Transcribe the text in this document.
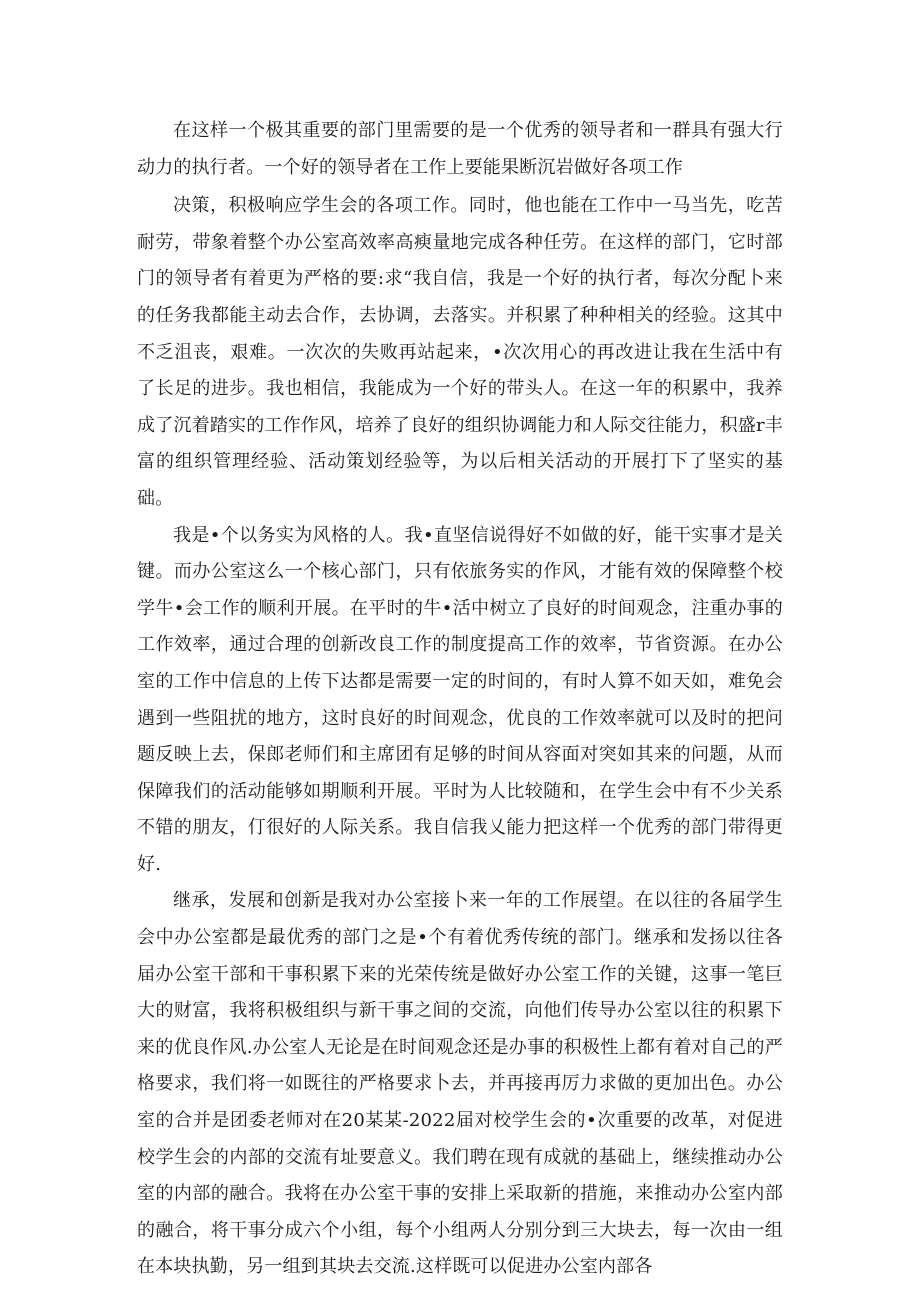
在这样一个极其重要的部门里需要的是一个优秀的领导者和一群具有强大行动力的执行者。一个好的领导者在工作上要能果断沉岩做好各项工作

决策，积极响应学生会的各项工作。同时，他也能在工作中一马当先，吃苦耐劳，带象着整个办公室高效率高瘐量地完成各种任劳。在这样的部门，它时部门的领导者有着更为严格的要:求“我自信，我是一个好的执行者，每次分配卜来的任务我都能主动去合作，去协调，去落实。并积累了种种相关的经验。这其中不乏沮丧，艰难。一次次的失败再站起来，•次次用心的再改进让我在生活中有了长足的进步。我也相信，我能成为一个好的带头人。在这一年的积累中，我养成了沉着踏实的工作作风，培养了良好的组织协调能力和人际交往能力，积盛r丰富的组织管理经验、活动策划经验等，为以后相关活动的开展打下了坚实的基础。

我是•个以务实为风格的人。我•直坚信说得好不如做的好，能干实事才是关键。而办公室这么一个核心部门，只有依旅务实的作风，才能有效的保障整个校学牛•会工作的顺利开展。在平时的牛•活中树立了良好的时间观念，注重办事的工作效率，通过合理的创新改良工作的制度提高工作的效率，节省资源。在办公室的工作中信息的上传下达都是需要一定的时间的，有时人算不如天如，难免会遇到一些阻扰的地方，这时良好的时间观念，优良的工作效率就可以及时的把问题反映上去，保郎老师们和主席团有足够的时间从容面对突如其来的问题，从而保障我们的活动能够如期顺利开展。平时为人比较随和，在学生会中有不少关系不错的朋友，仃很好的人际关系。我自信我乂能力把这样一个优秀的部门带得更好.

继承，发展和创新是我对办公室接卜来一年的工作展望。在以往的各届学生会中办公室都是最优秀的部门之是•个有着优秀传统的部门。继承和发扬以往各届办公室干部和干事积累下来的光荣传统是做好办公室工作的关键，这事一笔巨大的财富，我将积极组织与新干事之间的交流，向他们传导办公室以往的积累下来的优良作风.办公室人无论是在时间观念还是办事的积极性上都有着对自己的严格要求，我们将一如既往的严格要求卜去，并再接再厉力求做的更加出色。办公室的合并是团委老师对在20某某-2022届对校学生会的•次重要的改革，对促进校学生会的内部的交流有址要意义。我们聘在现有成就的基础上，继续推动办公室的内部的融合。我将在办公室干事的安排上采取新的措施，来推动办公室内部的融合，将干事分成六个小组，每个小组两人分别分到三大块去，每一次由一组在本块执勤，另一组到其块去交流.这样既可以促进办公室内部各
